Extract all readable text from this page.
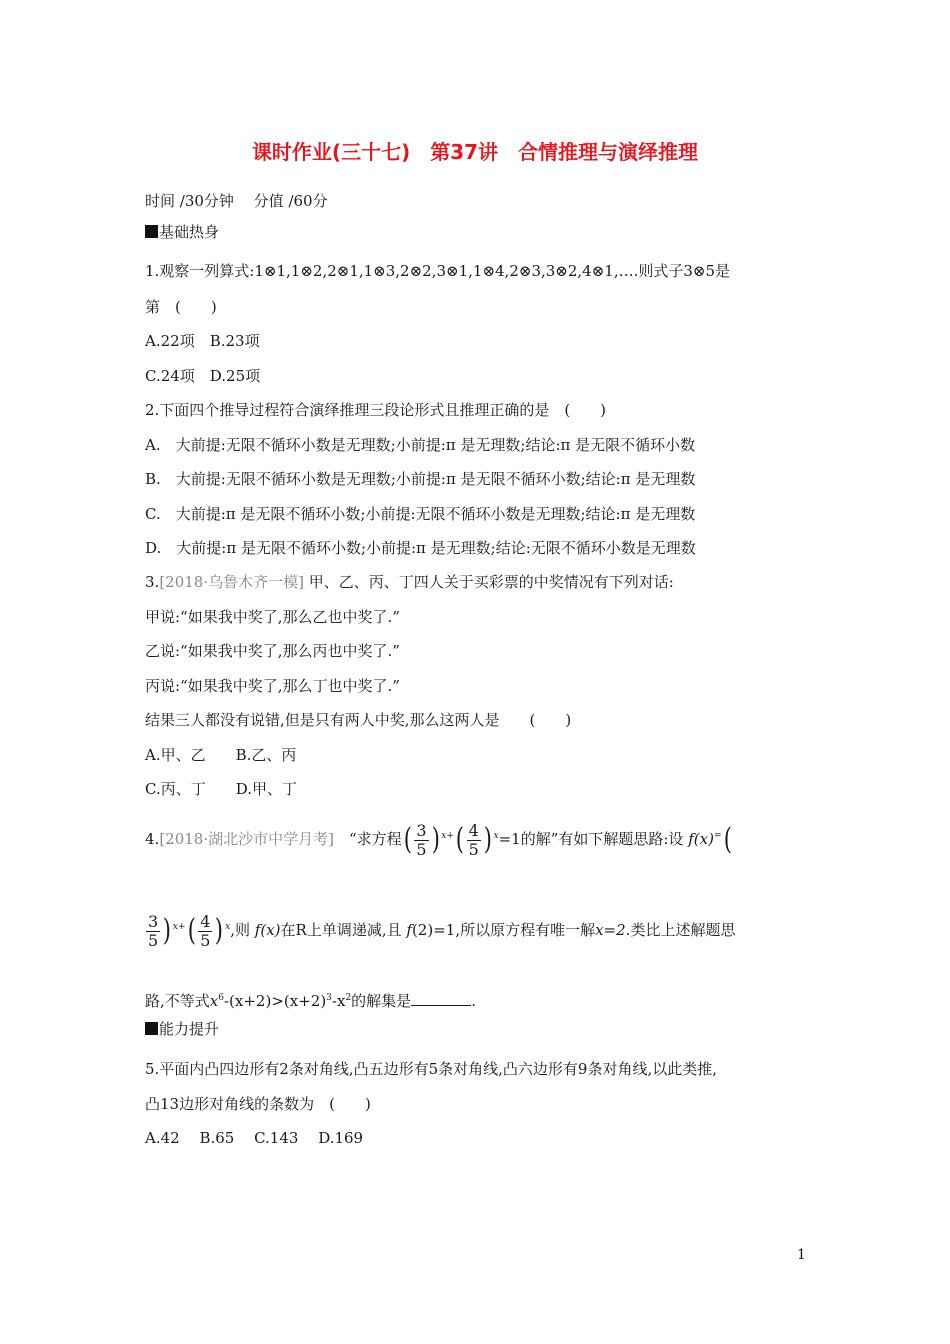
课时作业(三十七)　第37讲　合情推理与演绎推理
时间 ∕30分钟　 分值 ∕60分
基础热身
1.观察一列算式:1⊗1,1⊗2,2⊗1,1⊗3,2⊗2,3⊗1,1⊗4,2⊗3,3⊗2,4⊗1,….则式子3⊗5是
第　(　　)
A.22项　B.23项
C.24项　D.25项
2.下面四个推导过程符合演绎推理三段论形式且推理正确的是　(　　)
A.　大前提:无限不循环小数是无理数;小前提:π 是无理数;结论:π 是无限不循环小数
B.　大前提:无限不循环小数是无理数;小前提:π 是无限不循环小数;结论:π 是无理数
C.　大前提:π 是无限不循环小数;小前提:无限不循环小数是无理数;结论:π 是无理数
D.　大前提:π 是无限不循环小数;小前提:π 是无理数;结论:无限不循环小数是无理数
3.[2018·乌鲁木齐一模] 甲、乙、丙、丁四人关于买彩票的中奖情况有下列对话:
甲说:“如果我中奖了,那么乙也中奖了.”
乙说:“如果我中奖了,那么丙也中奖了.”
丙说:“如果我中奖了,那么丁也中奖了.”
结果三人都没有说错,但是只有两人中奖,那么这两人是　　(　　)
A.甲、乙　　B.乙、丙
C.丙、丁　　D.甲、丁
4.[2018·湖北沙市中学月考]　“求方程( $\frac{3}{5}$ ) $^{x+}( \frac{4}{5}$ ) $^x$=1的解”有如下解题思路:设 f(x)=(
$\frac{3}{5}$ ) $^{x+}( \frac{4}{5}$ ) $^x$,则 f(x)在R上单调递减,且 f(2)=1,所以原方程有唯一解x=2.类比上述解题思
路,不等式$x^6-(x+2)>(x+2)^3-x^2$的解集是	.
能力提升
5.平面内凸四边形有2条对角线,凸五边形有5条对角线,凸六边形有9条对角线,以此类推,
凸13边形对角线的条数为　(　　)
A.42　 B.65　 C.143　 D.169
1
